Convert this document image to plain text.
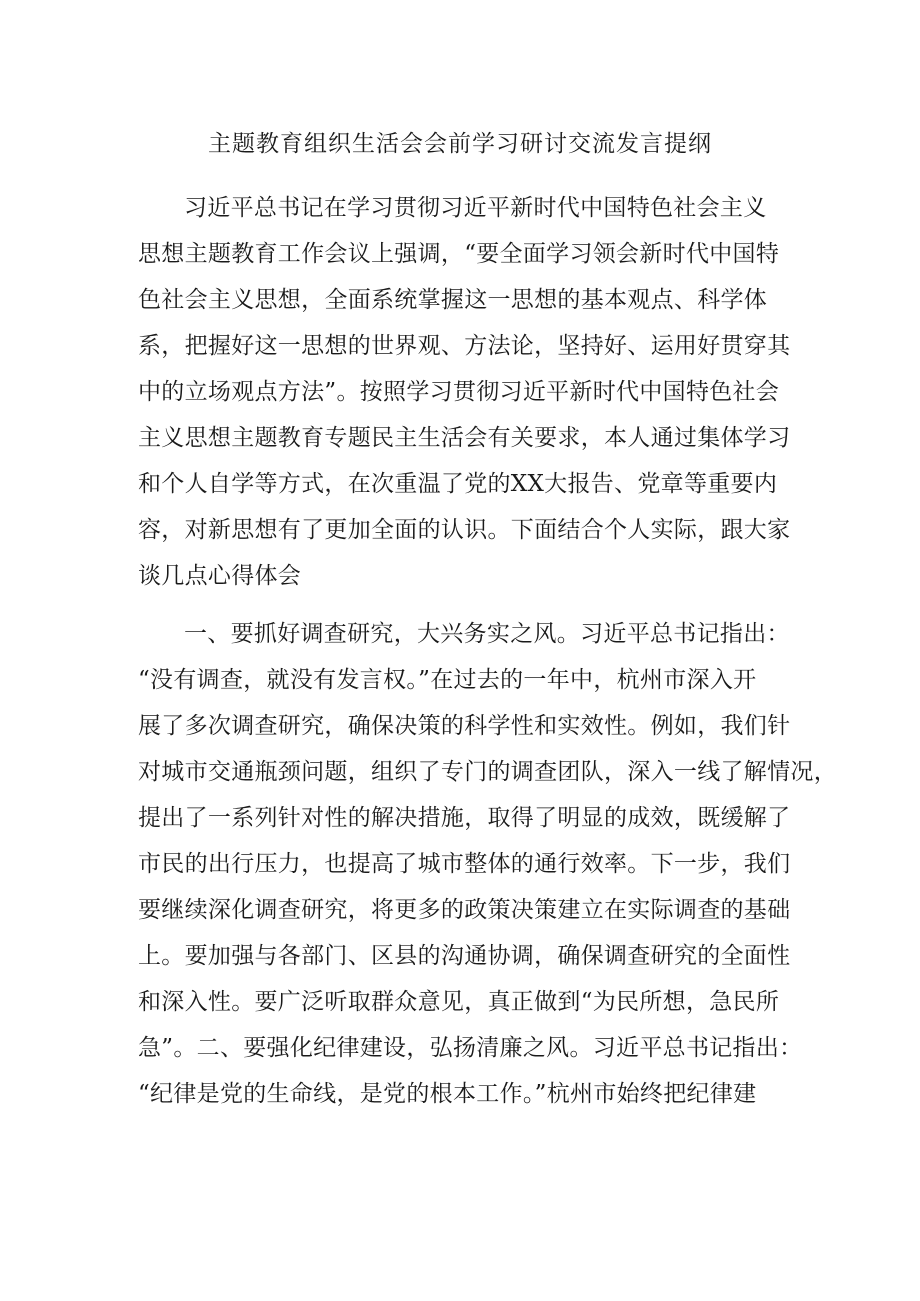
主题教育组织生活会会前学习研讨交流发言提纲
习近平总书记在学习贯彻习近平新时代中国特色社会主义
思想主题教育工作会议上强调，“要全面学习领会新时代中国特
色社会主义思想，全面系统掌握这一思想的基本观点、科学体
系，把握好这一思想的世界观、方法论，坚持好、运用好贯穿其
中的立场观点方法”。按照学习贯彻习近平新时代中国特色社会
主义思想主题教育专题民主生活会有关要求，本人通过集体学习
和个人自学等方式，在次重温了党的XX大报告、党章等重要内
容，对新思想有了更加全面的认识。下面结合个人实际，跟大家
谈几点心得体会
一、要抓好调查研究，大兴务实之风。习近平总书记指出：
“没有调查，就没有发言权。”在过去的一年中，杭州市深入开
展了多次调查研究，确保决策的科学性和实效性。例如，我们针
对城市交通瓶颈问题，组织了专门的调查团队，深入一线了解情况，
提出了一系列针对性的解决措施，取得了明显的成效，既缓解了
市民的出行压力，也提高了城市整体的通行效率。下一步，我们
要继续深化调查研究，将更多的政策决策建立在实际调查的基础
上。要加强与各部门、区县的沟通协调，确保调查研究的全面性
和深入性。要广泛听取群众意见，真正做到“为民所想，急民所
急”。二、要强化纪律建设，弘扬清廉之风。习近平总书记指出：
“纪律是党的生命线，是党的根本工作。”杭州市始终把纪律建
